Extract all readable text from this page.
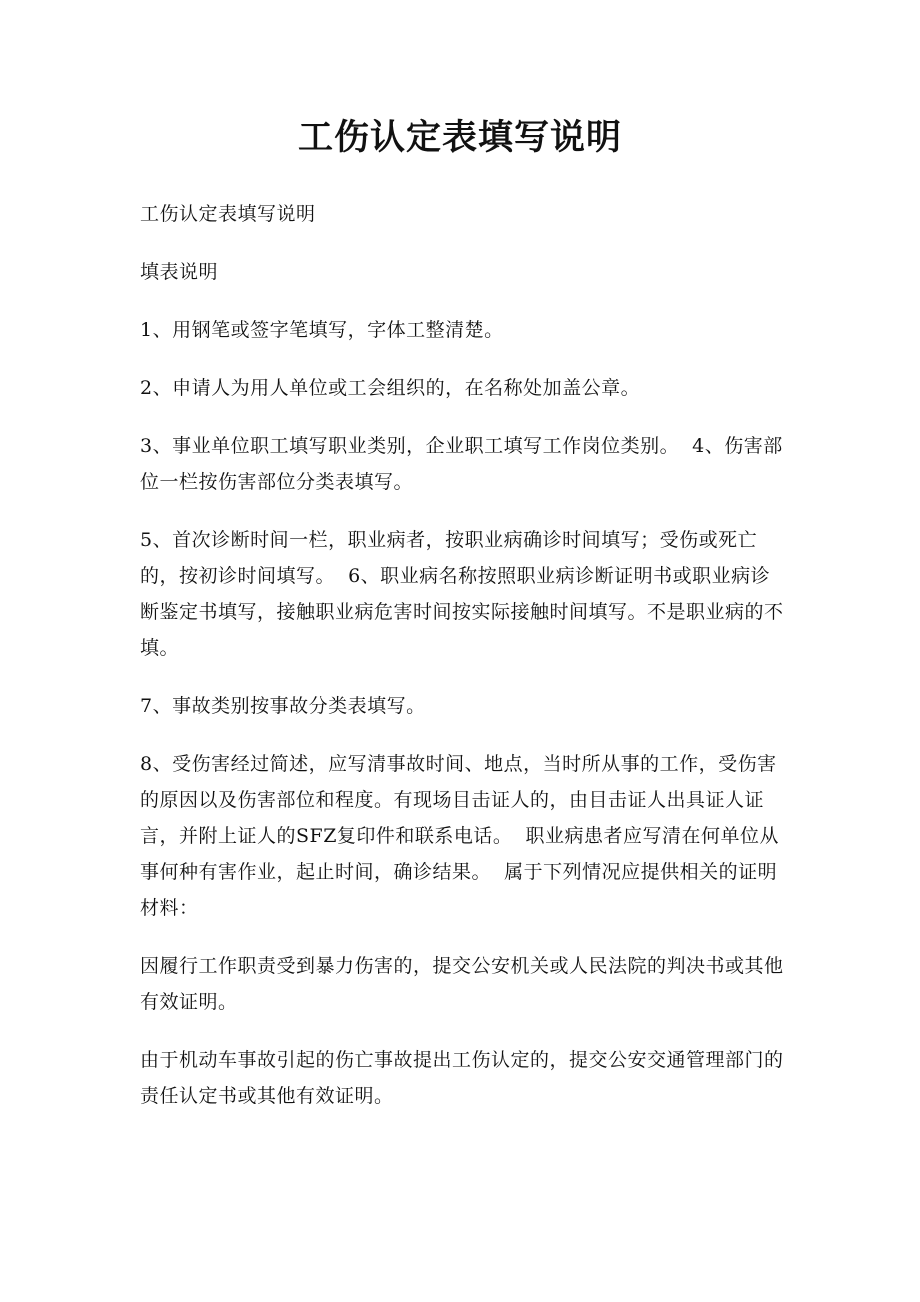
工伤认定表填写说明

工伤认定表填写说明

填表说明

1、用钢笔或签字笔填写，字体工整清楚。

2、申请人为用人单位或工会组织的，在名称处加盖公章。

3、事业单位职工填写职业类别，企业职工填写工作岗位类别。  4、伤害部位一栏按伤害部位分类表填写。

5、首次诊断时间一栏，职业病者，按职业病确诊时间填写；受伤或死亡的，按初诊时间填写。  6、职业病名称按照职业病诊断证明书或职业病诊断鉴定书填写，接触职业病危害时间按实际接触时间填写。不是职业病的不填。

7、事故类别按事故分类表填写。

8、受伤害经过简述，应写清事故时间、地点，当时所从事的工作，受伤害的原因以及伤害部位和程度。有现场目击证人的，由目击证人出具证人证言，并附上证人的SFZ复印件和联系电话。  职业病患者应写清在何单位从事何种有害作业，起止时间，确诊结果。  属于下列情况应提供相关的证明材料：

因履行工作职责受到暴力伤害的，提交公安机关或人民法院的判决书或其他有效证明。

由于机动车事故引起的伤亡事故提出工伤认定的，提交公安交通管理部门的责任认定书或其他有效证明。
